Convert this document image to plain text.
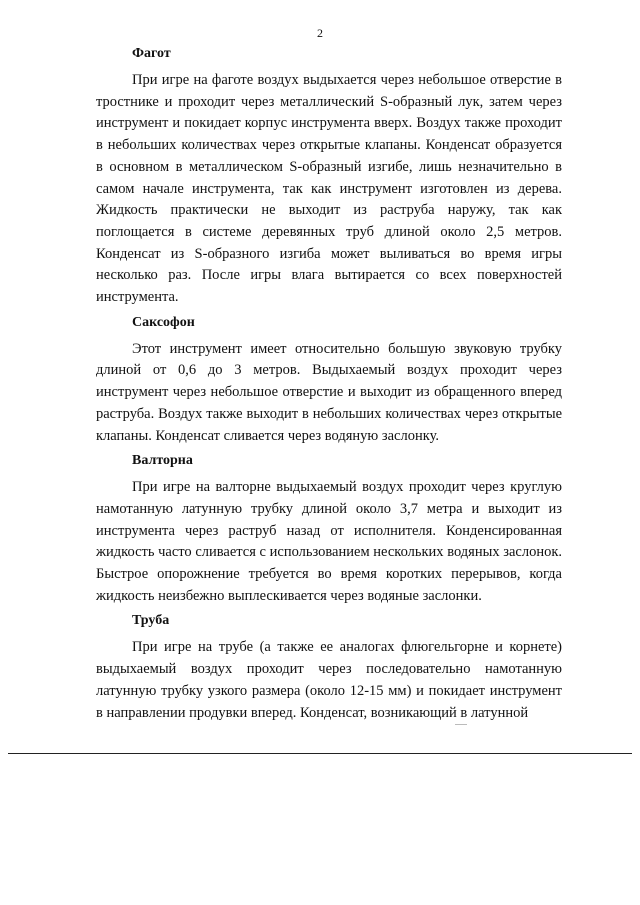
2
Фагот

При игре на фаготе воздух выдыхается через небольшое отверстие в тростнике и проходит через металлический S-образный лук, затем через инструмент и покидает корпус инструмента вверх. Воздух также проходит в небольших количествах через открытые клапаны. Конденсат образуется в основном в металлическом S-образный изгибе, лишь незначительно в самом начале инструмента, так как инструмент изготовлен из дерева. Жидкость практически не выходит из раструба наружу, так как поглощается в системе деревянных труб длиной около 2,5 метров. Конденсат из S-образного изгиба может выливаться во время игры несколько раз. После игры влага вытирается со всех поверхностей инструмента.

Саксофон

Этот инструмент имеет относительно большую звуковую трубку длиной от 0,6 до 3 метров. Выдыхаемый воздух проходит через инструмент через небольшое отверстие и выходит из обращенного вперед раструба. Воздух также выходит в небольших количествах через открытые клапаны. Конденсат сливается через водяную заслонку.

Валторна

При игре на валторне выдыхаемый воздух проходит через круглую намотанную латунную трубку длиной около 3,7 метра и выходит из инструмента через раструб назад от исполнителя. Конденсированная жидкость часто сливается с использованием нескольких водяных заслонок. Быстрое опорожнение требуется во время коротких перерывов, когда жидкость неизбежно выплескивается через водяные заслонки.

Труба

При игре на трубе (а также ее аналогах флюгельгорне и корнете) выдыхаемый воздух проходит через последовательно намотанную латунную трубку узкого размера (около 12-15 мм) и покидает инструмент в направлении продувки вперед. Конденсат, возникающий в латунной
